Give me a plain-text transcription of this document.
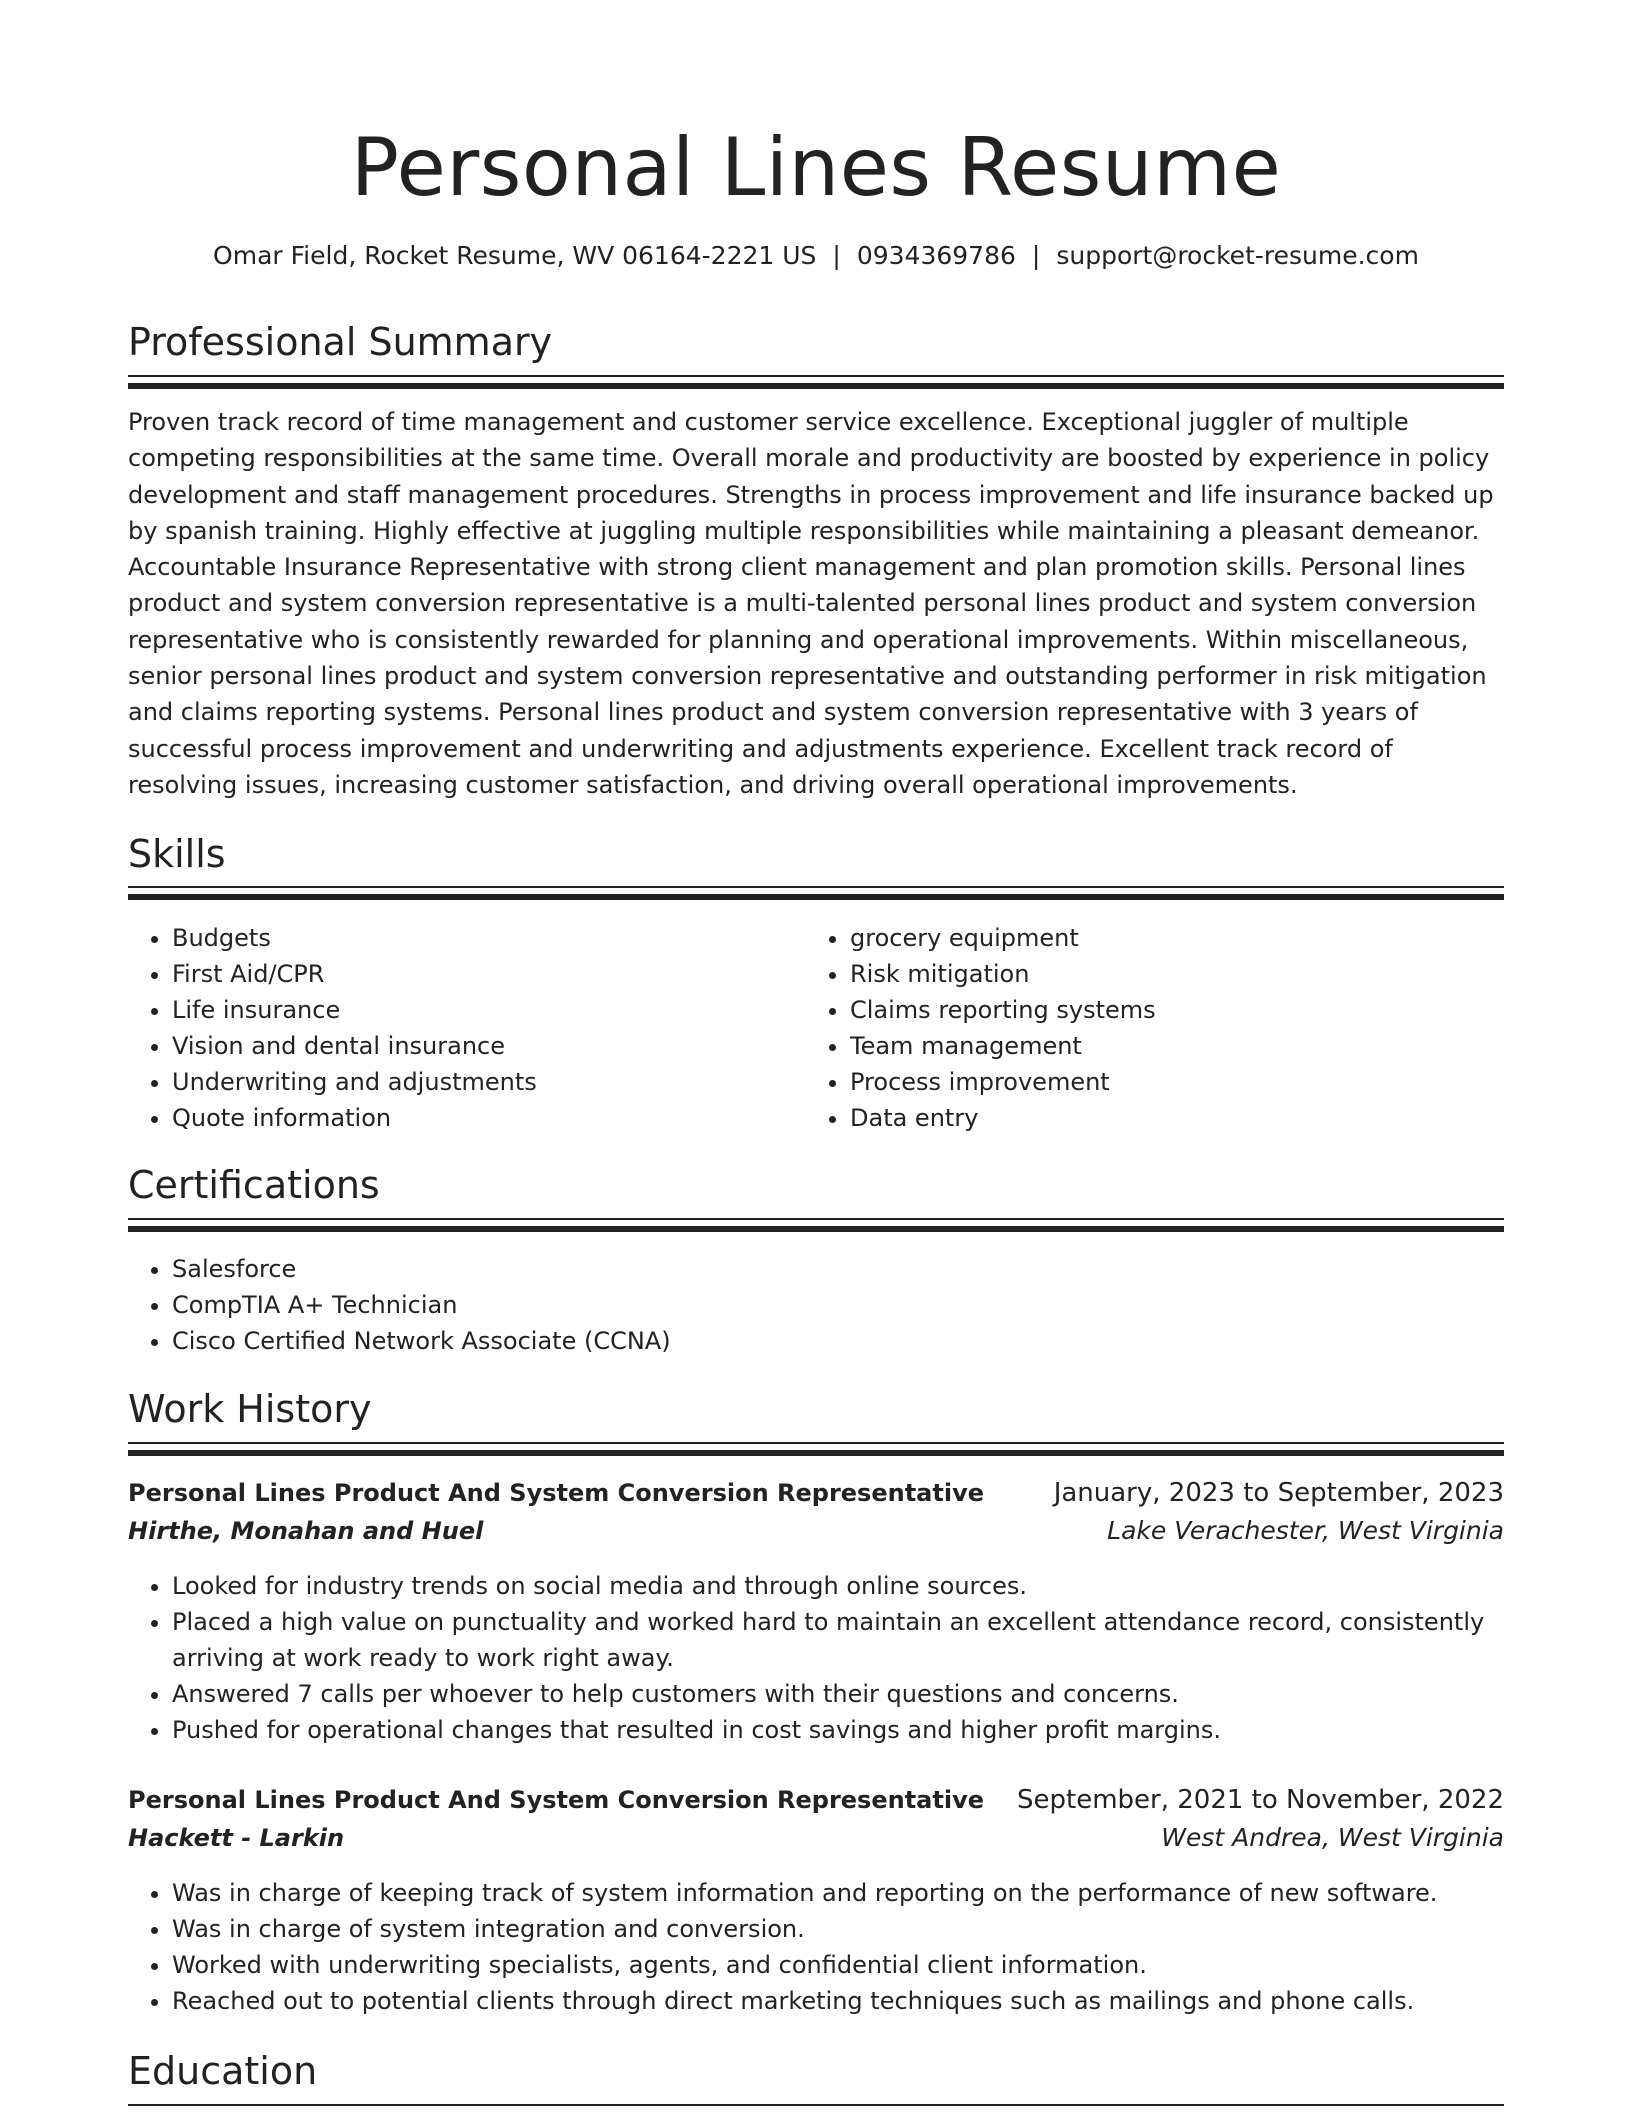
Personal Lines Resume
Omar Field, Rocket Resume, WV 06164-2221 US | 0934369786 | support@rocket-resume.com
Professional Summary

Proven track record of time management and customer service excellence. Exceptional juggler of multiple competing responsibilities at the same time. Overall morale and productivity are boosted by experience in policy development and staff management procedures. Strengths in process improvement and life insurance backed up by spanish training. Highly effective at juggling multiple responsibilities while maintaining a pleasant demeanor. Accountable Insurance Representative with strong client management and plan promotion skills. Personal lines product and system conversion representative is a multi-talented personal lines product and system conversion representative who is consistently rewarded for planning and operational improvements. Within miscellaneous, senior personal lines product and system conversion representative and outstanding performer in risk mitigation and claims reporting systems. Personal lines product and system conversion representative with 3 years of successful process improvement and underwriting and adjustments experience. Excellent track record of resolving issues, increasing customer satisfaction, and driving overall operational improvements.

Skills
• Budgets
• First Aid/CPR
• Life insurance
• Vision and dental insurance
• Underwriting and adjustments
• Quote information
• grocery equipment
• Risk mitigation
• Claims reporting systems
• Team management
• Process improvement
• Data entry
Certifications
• Salesforce
• CompTIA A+ Technician
• Cisco Certified Network Associate (CCNA)
Work History
Personal Lines Product And System Conversion Representative	January, 2023 to September, 2023
Hirthe, Monahan and Huel	Lake Verachester, West Virginia
• Looked for industry trends on social media and through online sources.
• Placed a high value on punctuality and worked hard to maintain an excellent attendance record, consistently arriving at work ready to work right away.
• Answered 7 calls per whoever to help customers with their questions and concerns.
• Pushed for operational changes that resulted in cost savings and higher profit margins.
Personal Lines Product And System Conversion Representative September, 2021 to November, 2022
Hackett - Larkin	West Andrea, West Virginia
• Was in charge of keeping track of system information and reporting on the performance of new software.
• Was in charge of system integration and conversion.
• Worked with underwriting specialists, agents, and confidential client information.
• Reached out to potential clients through direct marketing techniques such as mailings and phone calls.
Education
